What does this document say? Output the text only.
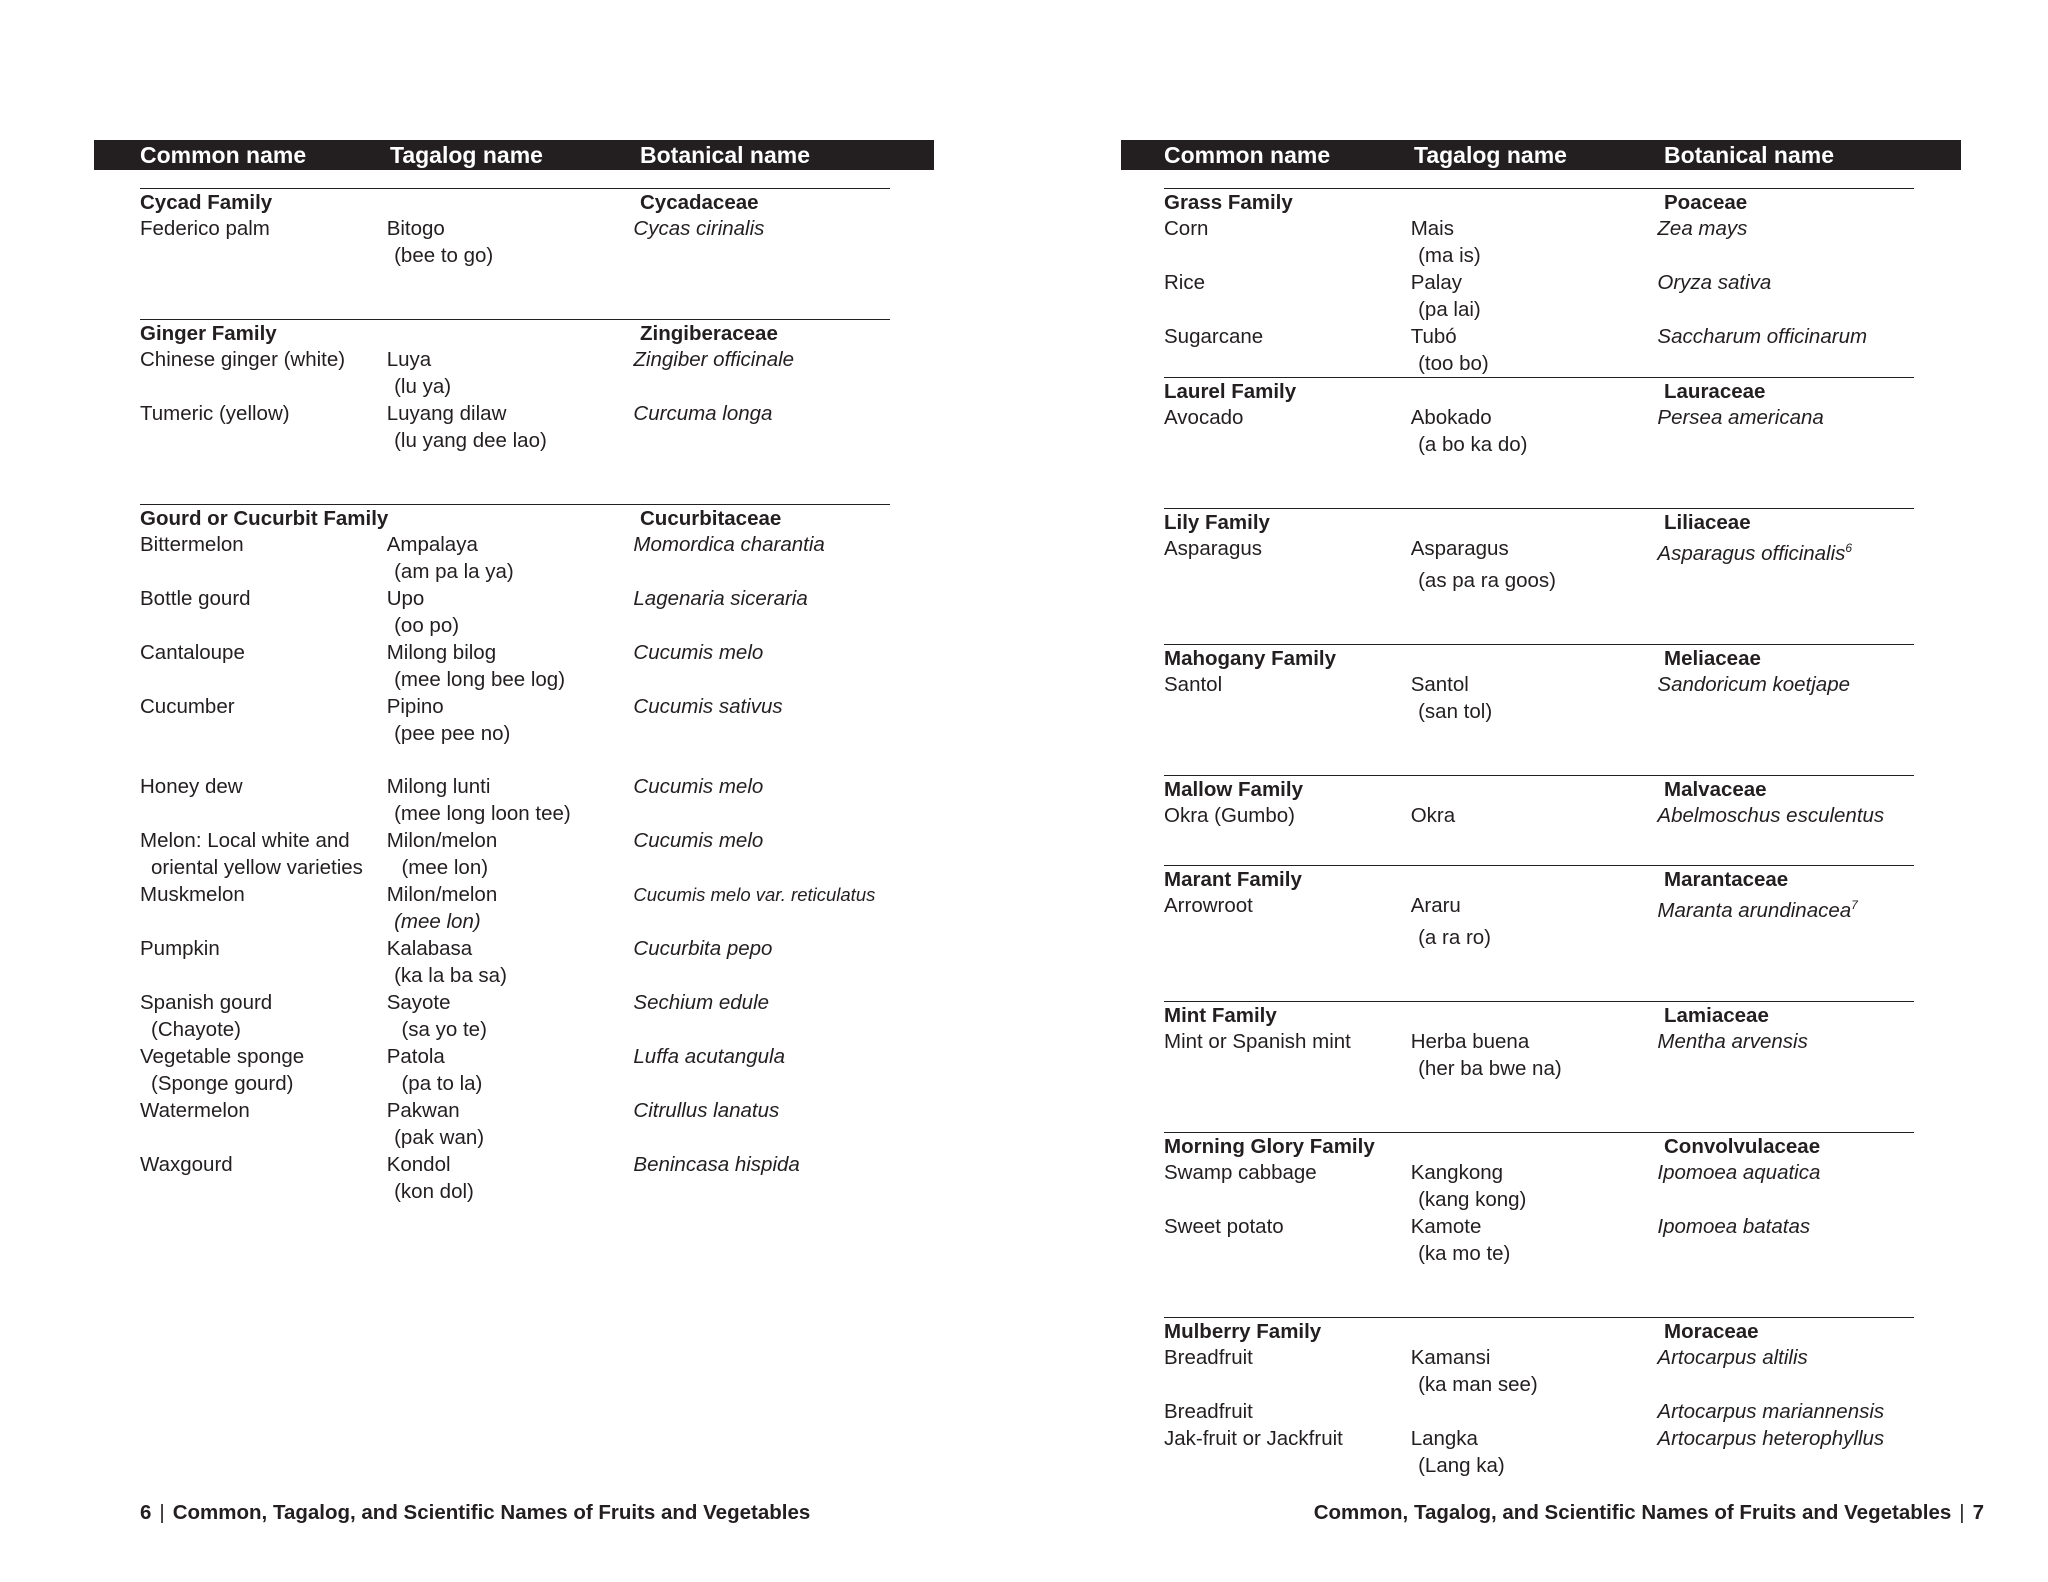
Common name	Tagalog name	Botanical name
Cycad Family	Cycadaceae
Federico palm	Bitogo	Cycas cirinalis
(bee to go)
Ginger Family	Zingiberaceae
Chinese ginger (white)	Luya	Zingiber officinale
(lu ya)
Tumeric (yellow)	Luyang dilaw	Curcuma longa
(lu yang dee lao)
Gourd or Cucurbit Family	Cucurbitaceae
Bittermelon	Ampalaya	Momordica charantia
(am pa la ya)
Bottle gourd	Upo	Lagenaria siceraria
(oo po)
Cantaloupe	Milong bilog	Cucumis melo
(mee long bee log)
Cucumber	Pipino	Cucumis sativus
(pee pee no)
Honey dew	Milong lunti	Cucumis melo
(mee long loon tee)
Melon: Local white and	Milon/melon	Cucumis melo
oriental yellow varieties	(mee lon)
Muskmelon	Milon/melon	Cucumis melo var. reticulatus
(mee lon)
Pumpkin	Kalabasa	Cucurbita pepo
(ka la ba sa)
Spanish gourd	Sayote	Sechium edule
(Chayote)	(sa yo te)
Vegetable sponge	Patola	Luffa acutangula
(Sponge gourd)	(pa to la)
Watermelon	Pakwan	Citrullus lanatus
(pak wan)
Waxgourd	Kondol	Benincasa hispida
(kon dol)
6 | Common, Tagalog, and Scientific Names of Fruits and Vegetables
Common name	Tagalog name	Botanical name
Grass Family	Poaceae
Corn	Mais	Zea mays
(ma is)
Rice	Palay	Oryza sativa
(pa lai)
Sugarcane	Tubó	Saccharum officinarum
(too bo)
Laurel Family	Lauraceae
Avocado	Abokado	Persea americana
(a bo ka do)
Lily Family	Liliaceae
Asparagus	Asparagus	Asparagus officinalis$^6$
(as pa ra goos)
Mahogany Family	Meliaceae
Santol	Santol	Sandoricum koetjape
(san tol)
Mallow Family	Malvaceae
Okra (Gumbo)	Okra	Abelmoschus esculentus
Marant Family	Marantaceae
Arrowroot	Araru	Maranta arundinacea$^7$
(a ra ro)
Mint Family	Lamiaceae
Mint or Spanish mint	Herba buena	Mentha arvensis
(her ba bwe na)
Morning Glory Family	Convolvulaceae
Swamp cabbage	Kangkong	Ipomoea aquatica
(kang kong)
Sweet potato	Kamote	Ipomoea batatas
(ka mo te)
Mulberry Family	Moraceae
Breadfruit	Kamansi	Artocarpus altilis
(ka man see)
Breadfruit	Artocarpus mariannensis
Jak-fruit or Jackfruit	Langka	Artocarpus heterophyllus
(Lang ka)
Common, Tagalog, and Scientific Names of Fruits and Vegetables | 7
